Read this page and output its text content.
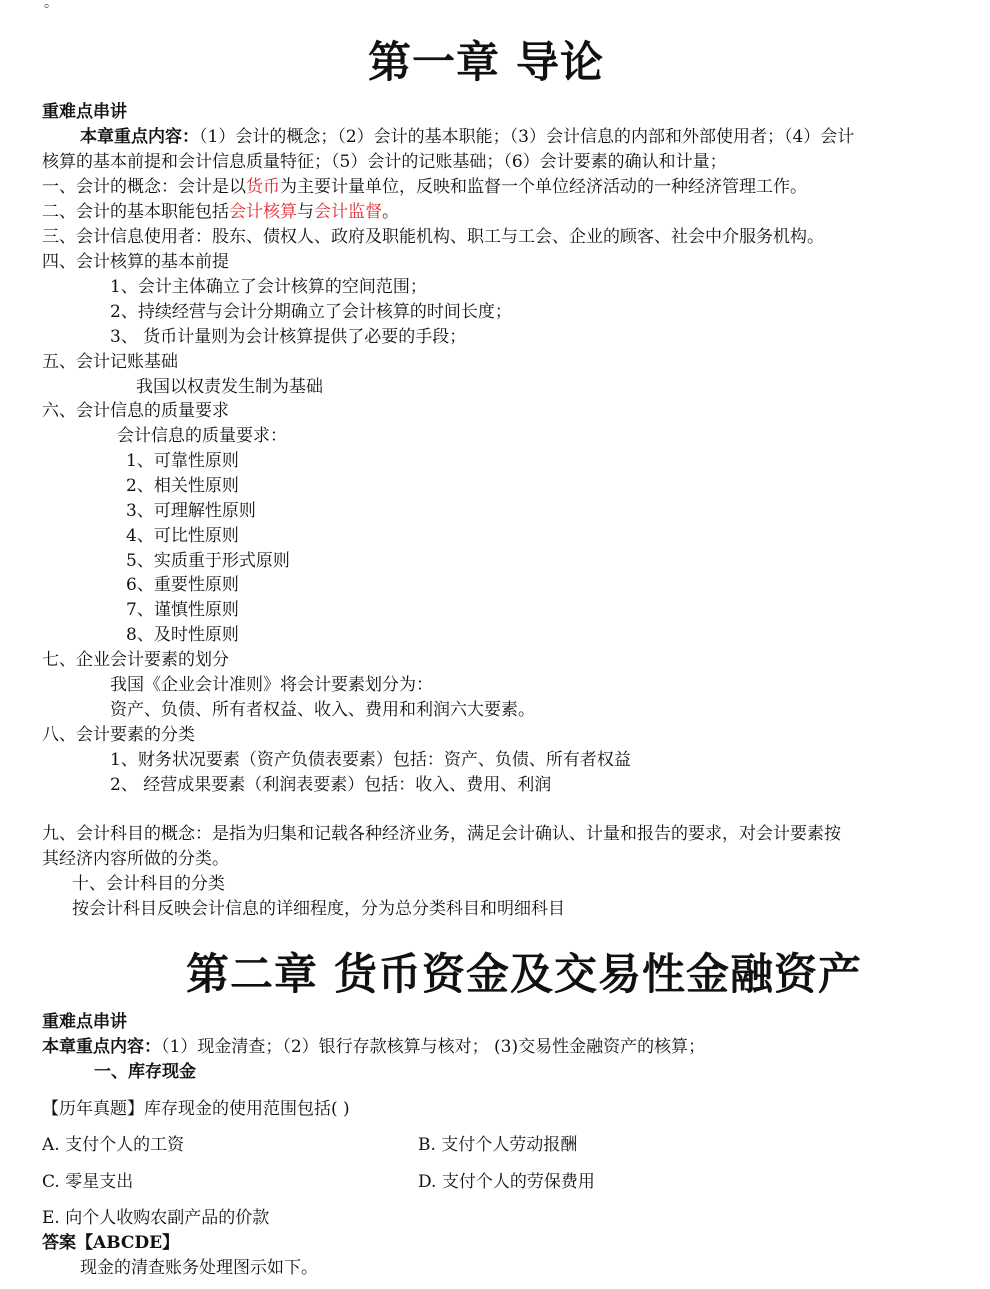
。
第一章 导论
重难点串讲
本章重点内容：（1）会计的概念；（2）会计的基本职能；（3）会计信息的内部和外部使用者；（4）会计
核算的基本前提和会计信息质量特征；（5）会计的记账基础；（6）会计要素的确认和计量；
一、会计的概念：会计是以货币为主要计量单位，反映和监督一个单位经济活动的一种经济管理工作。
二、会计的基本职能包括会计核算与会计监督。
三、会计信息使用者：股东、债权人、政府及职能机构、职工与工会、企业的顾客、社会中介服务机构。
四、会计核算的基本前提
1、会计主体确立了会计核算的空间范围；
2、持续经营与会计分期确立了会计核算的时间长度；
3、 货币计量则为会计核算提供了必要的手段；
五、会计记账基础
我国以权责发生制为基础
六、会计信息的质量要求
会计信息的质量要求：
1、可靠性原则
2、相关性原则
3、可理解性原则
4、可比性原则
5、实质重于形式原则
6、重要性原则
7、谨慎性原则
8、及时性原则
七、企业会计要素的划分
我国《企业会计准则》将会计要素划分为：
资产、负债、所有者权益、收入、费用和利润六大要素。
八、会计要素的分类
1、财务状况要素（资产负债表要素）包括：资产、负债、所有者权益
2、 经营成果要素（利润表要素）包括：收入、费用、利润
九、会计科目的概念：是指为归集和记载各种经济业务，满足会计确认、计量和报告的要求，对会计要素按
其经济内容所做的分类。
十、会计科目的分类
按会计科目反映会计信息的详细程度，分为总分类科目和明细科目
第二章 货币资金及交易性金融资产
重难点串讲
本章重点内容：（1）现金清查；（2）银行存款核算与核对； (3)交易性金融资产的核算；
一、库存现金
【历年真题】库存现金的使用范围包括( )
A. 支付个人的工资	B. 支付个人劳动报酬
C. 零星支出	D. 支付个人的劳保费用
E. 向个人收购农副产品的价款
答案【ABCDE】
现金的清查账务处理图示如下。
